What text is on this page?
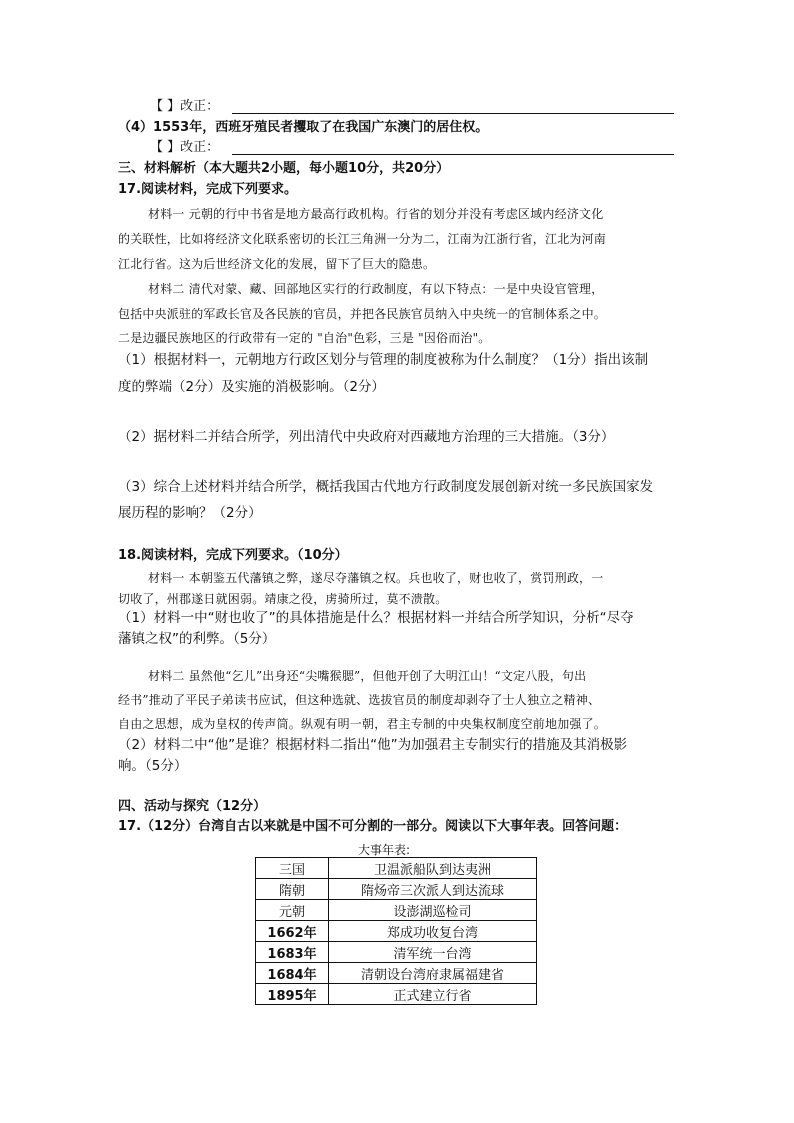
【 】改正：
（4）1553年，西班牙殖民者攫取了在我国广东澳门的居住权。
【 】改正：
三、材料解析（本大题共2小题，每小题10分，共20分）
17.阅读材料，完成下列要求。
材料一 元朝的行中书省是地方最高行政机构。行省的划分并没有考虑区域内经济文化
的关联性，比如将经济文化联系密切的长江三角洲一分为二，江南为江浙行省，江北为河南
江北行省。这为后世经济文化的发展，留下了巨大的隐患。
材料二 清代对蒙、藏、回部地区实行的行政制度，有以下特点：一是中央设官管理，
包括中央派驻的军政长官及各民族的官员，并把各民族官员纳入中央统一的官制体系之中。
二是边疆民族地区的行政带有一定的 "自治"色彩，三是 "因俗而治"。
（1）根据材料一，元朝地方行政区划分与管理的制度被称为什么制度？（1分）指出该制
度的弊端（2分）及实施的消极影响。（2分）
（2）据材料二并结合所学，列出清代中央政府对西藏地方治理的三大措施。（3分）
（3）综合上述材料并结合所学，概括我国古代地方行政制度发展创新对统一多民族国家发
展历程的影响？（2分）
18.阅读材料，完成下列要求。（10分）
材料一 本朝鉴五代藩镇之弊，遂尽夺藩镇之权。兵也收了，财也收了，赏罚刑政，一
切收了，州郡遂日就困弱。靖康之役，虏骑所过，莫不溃散。
（1）材料一中“财也收了”的具体措施是什么？根据材料一并结合所学知识，分析“尽夺
藩镇之权”的利弊。（5分）
材料二 虽然他“乞儿”出身还“尖嘴猴腮”，但他开创了大明江山！“文定八股，句出
经书”推动了平民子弟读书应试，但这种选就、选拔官员的制度却剥夺了士人独立之精神、
自由之思想，成为皇权的传声筒。纵观有明一朝，君主专制的中央集权制度空前地加强了。
（2）材料二中“他”是谁？根据材料二指出“他”为加强君主专制实行的措施及其消极影
响。（5分）
四、活动与探究（12分）
17.（12分）台湾自古以来就是中国不可分割的一部分。阅读以下大事年表。回答问题：
大事年表:
三国	卫温派船队到达夷洲
隋朝	隋炀帝三次派人到达流球
元朝	设澎湖巡检司
1662年	郑成功收复台湾
1683年	清军统一台湾
1684年	清朝设台湾府隶属福建省
1895年	正式建立行省
